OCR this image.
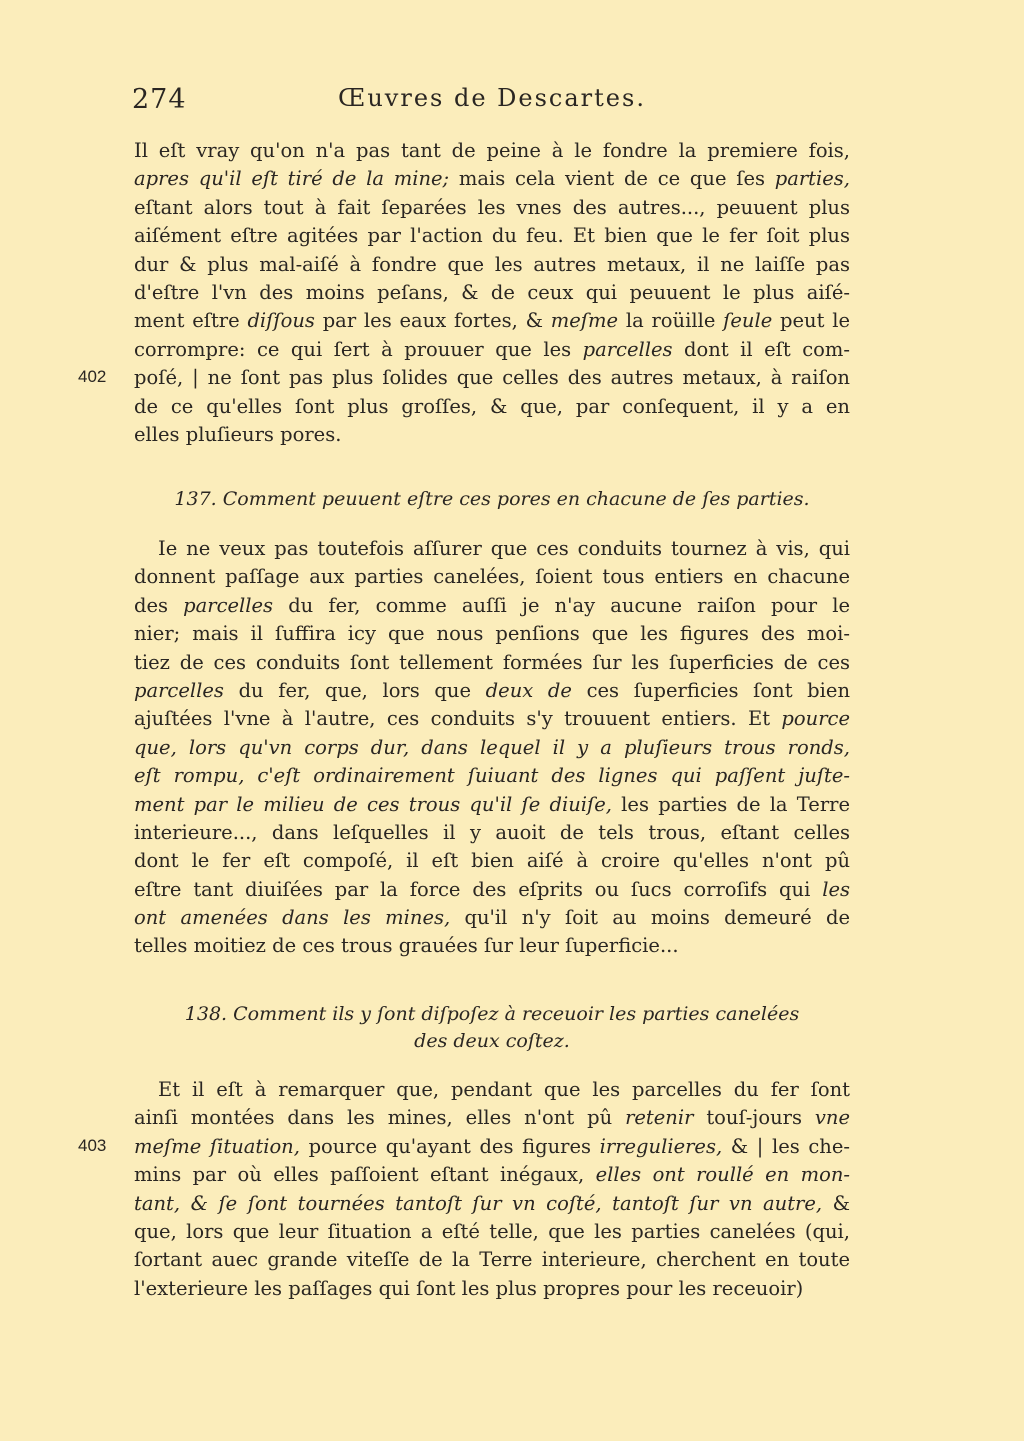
274	Œuvres de Descartes.
Il eſt vray qu'on n'a pas tant de peine à le fondre la premiere fois,
apres qu'il eſt tiré de la mine; mais cela vient de ce que ſes parties,
eſtant alors tout à fait ſeparées les vnes des autres..., peuuent plus
aiſément eſtre agitées par l'action du feu. Et bien que le fer ſoit plus
dur & plus mal-aiſé à fondre que les autres metaux, il ne laiſſe pas
d'eſtre l'vn des moins peſans, & de ceux qui peuuent le plus aiſé-
ment eſtre diſſous par les eaux fortes, & meſme la roüille ſeule peut le
corrompre: ce qui ſert à prouuer que les parcelles dont il eſt com-
poſé, | ne ſont pas plus ſolides que celles des autres metaux, à raiſon
de ce qu'elles ſont plus groſſes, & que, par conſequent, il y a en
elles pluſieurs pores.
402
137. Comment peuuent eſtre ces pores en chacune de ſes parties.
Ie ne veux pas toutefois aſſurer que ces conduits tournez à vis, qui
donnent paſſage aux parties canelées, ſoient tous entiers en chacune
des parcelles du fer, comme auſſi je n'ay aucune raiſon pour le
nier; mais il ſuffira icy que nous penſions que les figures des moi-
tiez de ces conduits ſont tellement formées ſur les ſuperficies de ces
parcelles du fer, que, lors que deux de ces ſuperficies ſont bien
ajuſtées l'vne à l'autre, ces conduits s'y trouuent entiers. Et pource
que, lors qu'vn corps dur, dans lequel il y a pluſieurs trous ronds,
eſt rompu, c'eſt ordinairement ſuiuant des lignes qui paſſent juſte-
ment par le milieu de ces trous qu'il ſe diuiſe, les parties de la Terre
interieure..., dans leſquelles il y auoit de tels trous, eſtant celles
dont le fer eſt compoſé, il eſt bien aiſé à croire qu'elles n'ont pû
eſtre tant diuiſées par la force des eſprits ou ſucs corroſifs qui les
ont amenées dans les mines, qu'il n'y ſoit au moins demeuré de
telles moitiez de ces trous grauées ſur leur ſuperficie...
138. Comment ils y ſont diſpoſez à receuoir les parties canelées
des deux coſtez.
Et il eſt à remarquer que, pendant que les parcelles du fer ſont
ainſi montées dans les mines, elles n'ont pû retenir touſ-jours vne
meſme ſituation, pource qu'ayant des figures irregulieres, & | les che-
mins par où elles paſſoient eſtant inégaux, elles ont roullé en mon-
tant, & ſe ſont tournées tantoſt ſur vn coſté, tantoſt ſur vn autre, &
que, lors que leur ſituation a eſté telle, que les parties canelées (qui,
ſortant auec grande viteſſe de la Terre interieure, cherchent en toute
l'exterieure les paſſages qui ſont les plus propres pour les receuoir)
403
